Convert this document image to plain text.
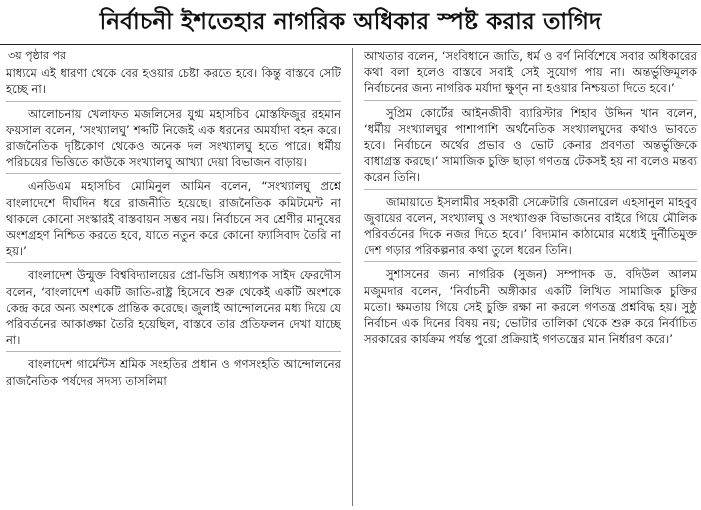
নির্বাচনী ইশতেহার নাগরিক অধিকার স্পষ্ট করার তাগিদ
৩য় পৃষ্ঠার পর

মাধ্যমে এই ধারণা থেকে বের হওয়ার চেষ্টা করতে হবে। কিন্তু বাস্তবে সেটি হচ্ছে না।

আলোচনায় খেলাফত মজলিসের যুগ্ম মহাসচিব মোস্তফিজুর রহমান ফয়সাল বলেন, ‘সংখ্যালঘু’ শব্দটি নিজেই এক ধরনের অমর্যাদা বহন করে। রাজনৈতিক দৃষ্টিকোণ থেকেও অনেক দল সংখ্যালঘু হতে পারে। ধর্মীয় পরিচয়ের ভিত্তিতে কাউকে সংখ্যালঘু আখ্যা দেয়া বিভাজন বাড়ায়।

এনডিএম মহাসচিব মোমিনুল আমিন বলেন, “সংখ্যালঘু প্রশ্নে বাংলাদেশে দীর্ঘদিন ধরে রাজনীতি হয়েছে। রাজনৈতিক কমিটমেন্ট না থাকলে কোনো সংস্কারই বাস্তবায়ন সম্ভব নয়। নির্বাচনে সব শ্রেণীর মানুষের অংশগ্রহণ নিশ্চিত করতে হবে, যাতে নতুন করে কোনো ফ্যাসিবাদ তৈরি না হয়।’

বাংলাদেশ উন্মুক্ত বিশ্ববিদ্যালয়ের প্রো-ভিসি অধ্যাপক সাইদ ফেরদৌস বলেন, ‘বাংলাদেশ একটি জাতি-রাষ্ট্র হিসেবে শুরু থেকেই একটি অংশকে কেন্দ্র করে অন্য অংশকে প্রান্তিক করেছে। জুলাই আন্দোলনের মধ্য দিয়ে যে পরিবর্তনের আকাঙ্ক্ষা তৈরি হয়েছিল, বাস্তবে তার প্রতিফলন দেখা যাচ্ছে না।

বাংলাদেশ গার্মেন্টস শ্রমিক সংহতির প্রধান ও গণসংহতি আন্দোলনের রাজনৈতিক পর্ষদের সদস্য তাসলিমা

আখতার বলেন, ‘সংবিধানে জাতি, ধর্ম ও বর্ণ নির্বিশেষে সবার অধিকারের কথা বলা হলেও বাস্তবে সবাই সেই সুযোগ পায় না। অন্তর্ভুক্তিমূলক নির্বাচনের জন্য নাগরিক মর্যাদা ক্ষুণ্ন না হওয়ার নিশ্চয়তা দিতে হবে।’

সুপ্রিম কোর্টের আইনজীবী ব্যারিস্টার শিহাব উদ্দিন খান বলেন, ‘ধর্মীয় সংখ্যালঘুর পাশাপাশি অর্থনৈতিক সংখ্যালঘুদের কথাও ভাবতে হবে। নির্বাচনে অর্থের প্রভাব ও ভোট কেনার প্রবণতা অন্তর্ভুক্তিকে বাধাগ্রস্ত করছে।’ সামাজিক চুক্তি ছাড়া গণতন্ত্র টেকসই হয় না বলেও মন্তব্য করেন তিনি।

জামায়াতে ইসলামীর সহকারী সেক্রেটারি জেনারেল এহসানুল মাহবুব জুবায়ের বলেন, সংখ্যালঘু ও সংখ্যাগুরু বিভাজনের বাইরে গিয়ে মৌলিক পরিবর্তনের দিকে নজর দিতে হবে।’ বিদ্যমান কাঠামোর মধ্যেই দুর্নীতিমুক্ত দেশ গড়ার পরিকল্পনার কথা তুলে ধরেন তিনি।

সুশাসনের জন্য নাগরিক (সুজন) সম্পাদক ড. বদিউল আলম মজুমদার বলেন, ‘নির্বাচনী অঙ্গীকার একটি লিখিত সামাজিক চুক্তির মতো। ক্ষমতায় গিয়ে সেই চুক্তি রক্ষা না করলে গণতন্ত্র প্রশ্নবিদ্ধ হয়। সুষ্ঠু নির্বাচন এক দিনের বিষয় নয়; ভোটার তালিকা থেকে শুরু করে নির্বাচিত সরকারের কার্যক্রম পর্যন্ত পুরো প্রক্রিয়াই গণতন্ত্রের মান নির্ধারণ করে।’
